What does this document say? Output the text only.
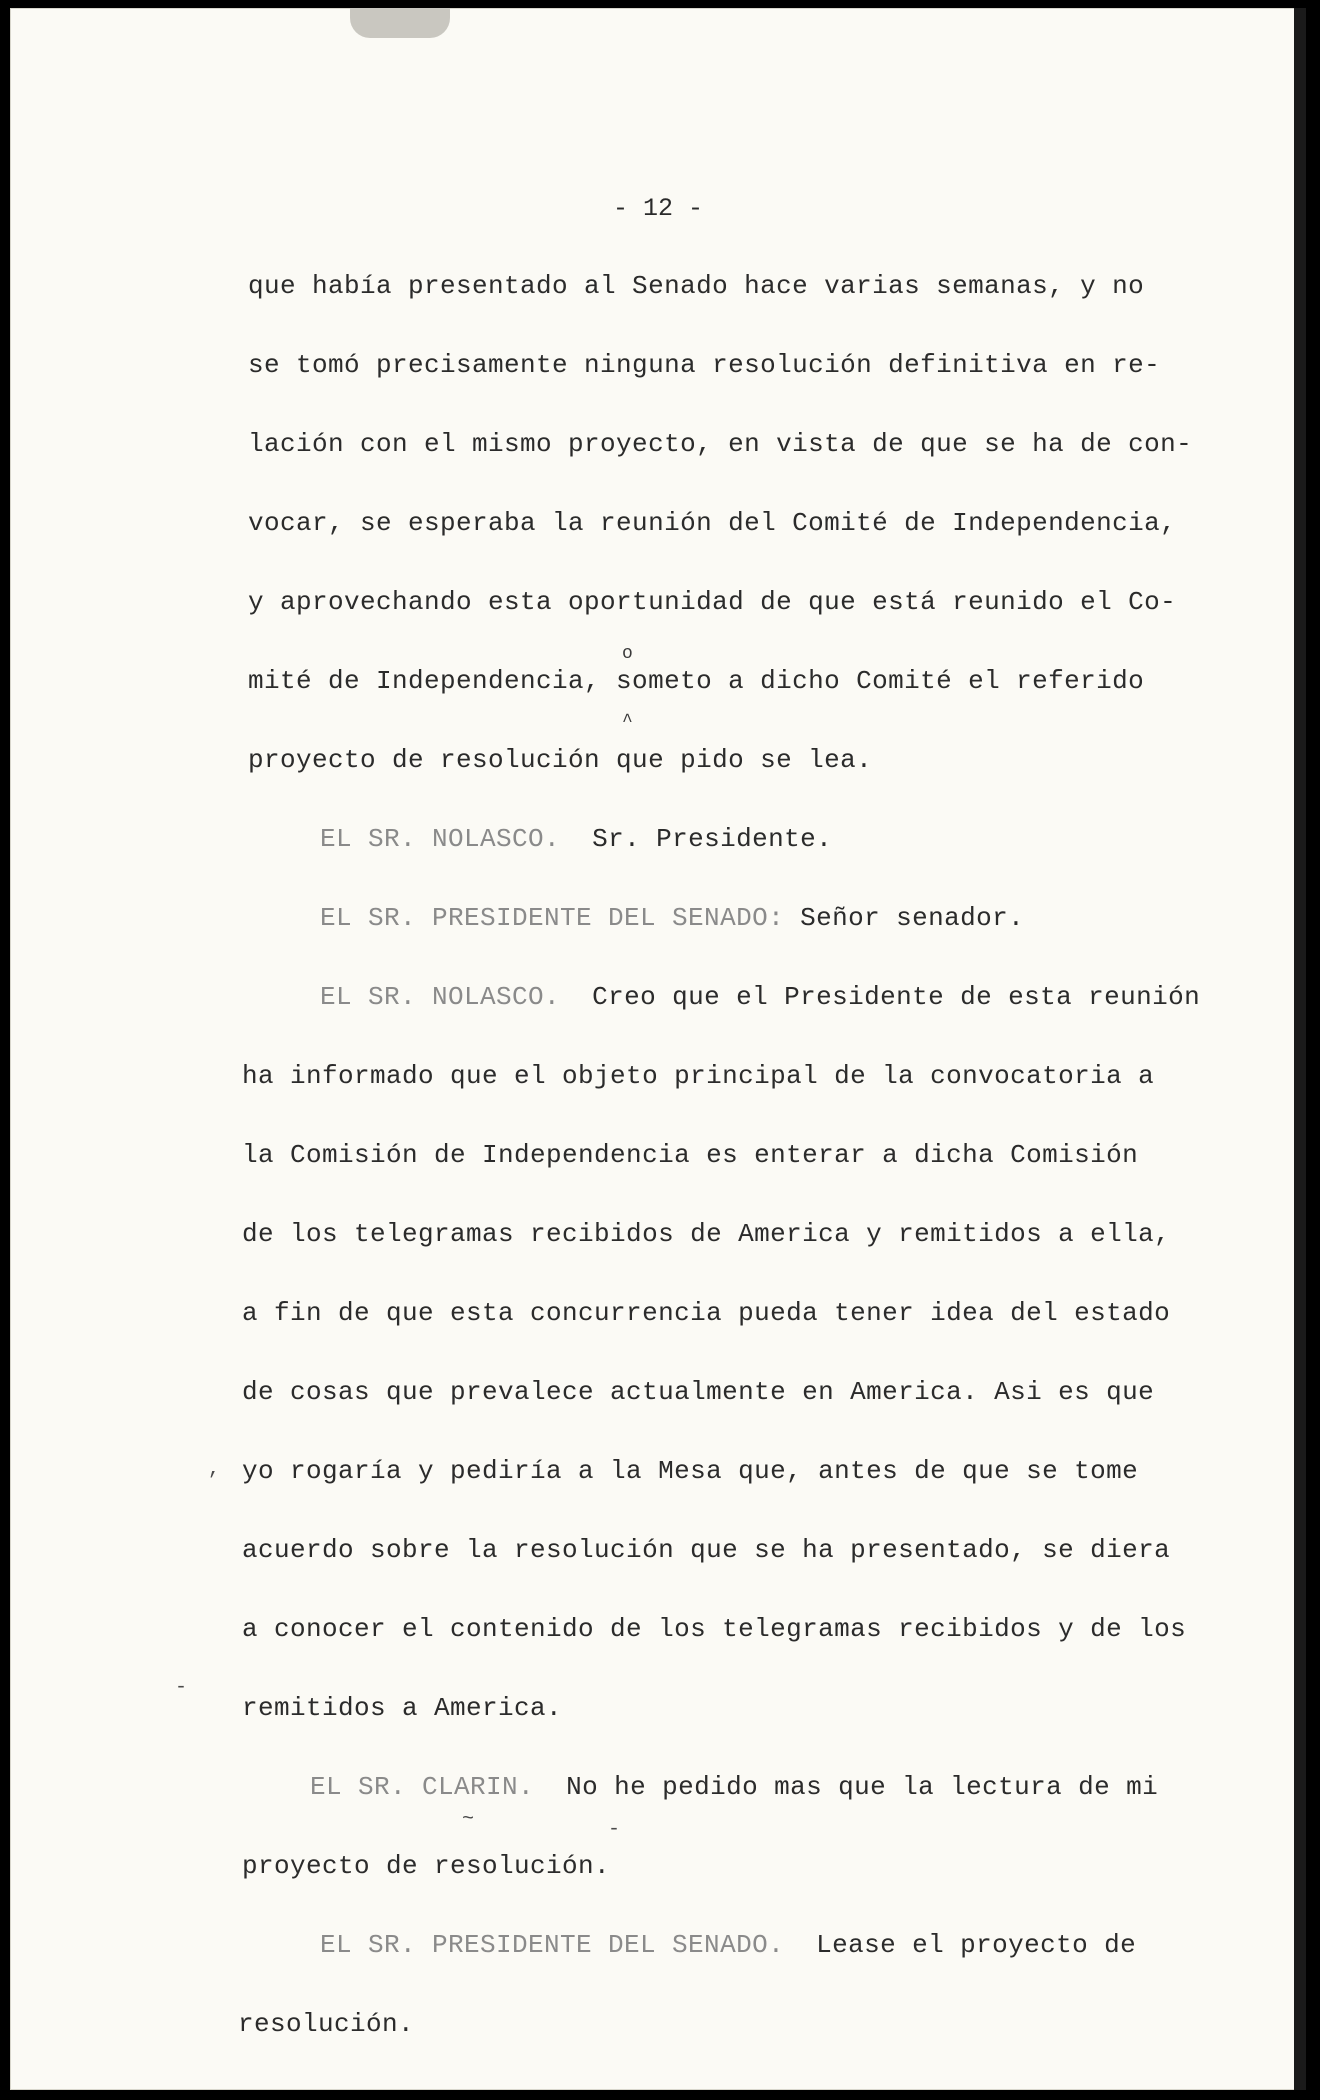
- 12 -
que había presentado al Senado hace varias semanas, y no
se tomó precisamente ninguna resolución definitiva en re-
lación con el mismo proyecto, en vista de que se ha de con-
vocar, se esperaba la reunión del Comité de Independencia,
y aprovechando esta oportunidad de que está reunido el Co-
o
mité de Independencia, someto a dicho Comité el referido
^
proyecto de resolución que pido se lea.
EL SR. NOLASCO. Sr. Presidente.
EL SR. PRESIDENTE DEL SENADO: Señor senador.
EL SR. NOLASCO. Creo que el Presidente de esta reunión
ha informado que el objeto principal de la convocatoria a
la Comisión de Independencia es enterar a dicha Comisión
de los telegramas recibidos de America y remitidos a ella,
a fin de que esta concurrencia pueda tener idea del estado
de cosas que prevalece actualmente en America. Asi es que
, yo rogaría y pediría a la Mesa que, antes de que se tome
acuerdo sobre la resolución que se ha presentado, se diera
a conocer el contenido de los telegramas recibidos y de los
-
remitidos a America.
EL SR. CLARIN. No he pedido mas que la lectura de mi
~	-
proyecto de resolución.
EL SR. PRESIDENTE DEL SENADO. Lease el proyecto de
resolución.
